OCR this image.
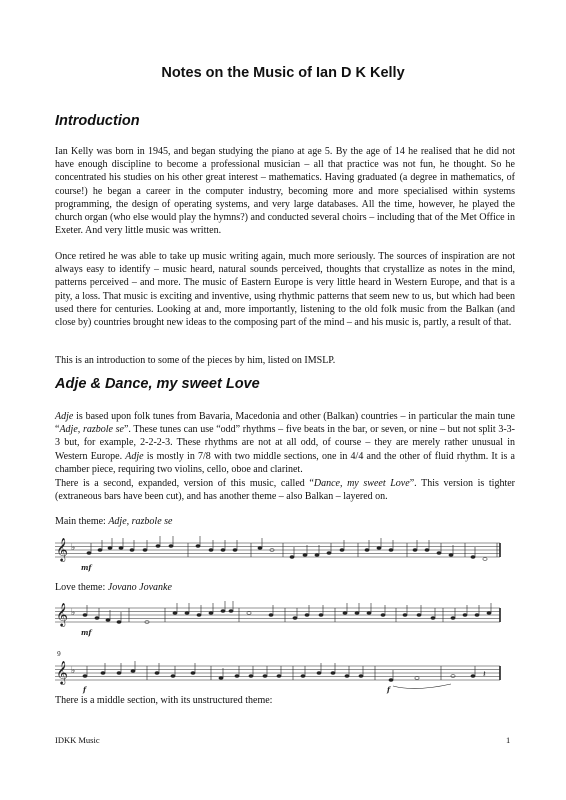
Notes on the Music of Ian D K Kelly
Introduction
Ian Kelly was born in 1945, and began studying the piano at age 5. By the age of 14 he realised that he did not have enough discipline to become a professional musician – all that practice was not fun, he thought. So he concentrated his studies on his other great interest – mathematics. Having graduated (a degree in mathematics, of course!) he began a career in the computer industry, becoming more and more specialised within systems programming, the design of operating systems, and very large databases. All the time, however, he played the church organ (who else would play the hymns?) and conducted several choirs – including that of the Met Office in Exeter. And very little music was written.
Once retired he was able to take up music writing again, much more seriously. The sources of inspiration are not always easy to identify – music heard, natural sounds perceived, thoughts that crystallize as notes in the mind, patterns perceived – and more. The music of Eastern Europe is very little heard in Western Europe, and that is a pity, a loss. That music is exciting and inventive, using rhythmic patterns that seem new to us, but which had been used there for centuries. Looking at and, more importantly, listening to the old folk music from the Balkan (and close by) countries brought new ideas to the composing part of the mind – and his music is, partly, a result of that.
This is an introduction to some of the pieces by him, listed on IMSLP.
Adje & Dance, my sweet Love
Adje is based upon folk tunes from Bavaria, Macedonia and other (Balkan) countries – in particular the main tune “Adje, razbole se”. These tunes can use “odd” rhythms – five beats in the bar, or seven, or nine – but not split 3-3-3 but, for example, 2-2-2-3. These rhythms are not at all odd, of course – they are merely rather unusual in Western Europe. Adje is mostly in 7/8 with two middle sections, one in 4/4 and the other of fluid rhythm. It is a chamber piece, requiring two violins, cello, oboe and clarinet.
There is a second, expanded, version of this music, called “Dance, my sweet Love”. This version is tighter (extraneous bars have been cut), and has another theme – also Balkan – layered on.
Main theme: Adje, razbole se
𝄞 ♭
mf
Love theme: Jovano Jovanke
𝄞 ♭
mf
9
𝄞 ♭	𝄽
f	f
There is a middle section, with its unstructured theme:
IDKK Music	1
